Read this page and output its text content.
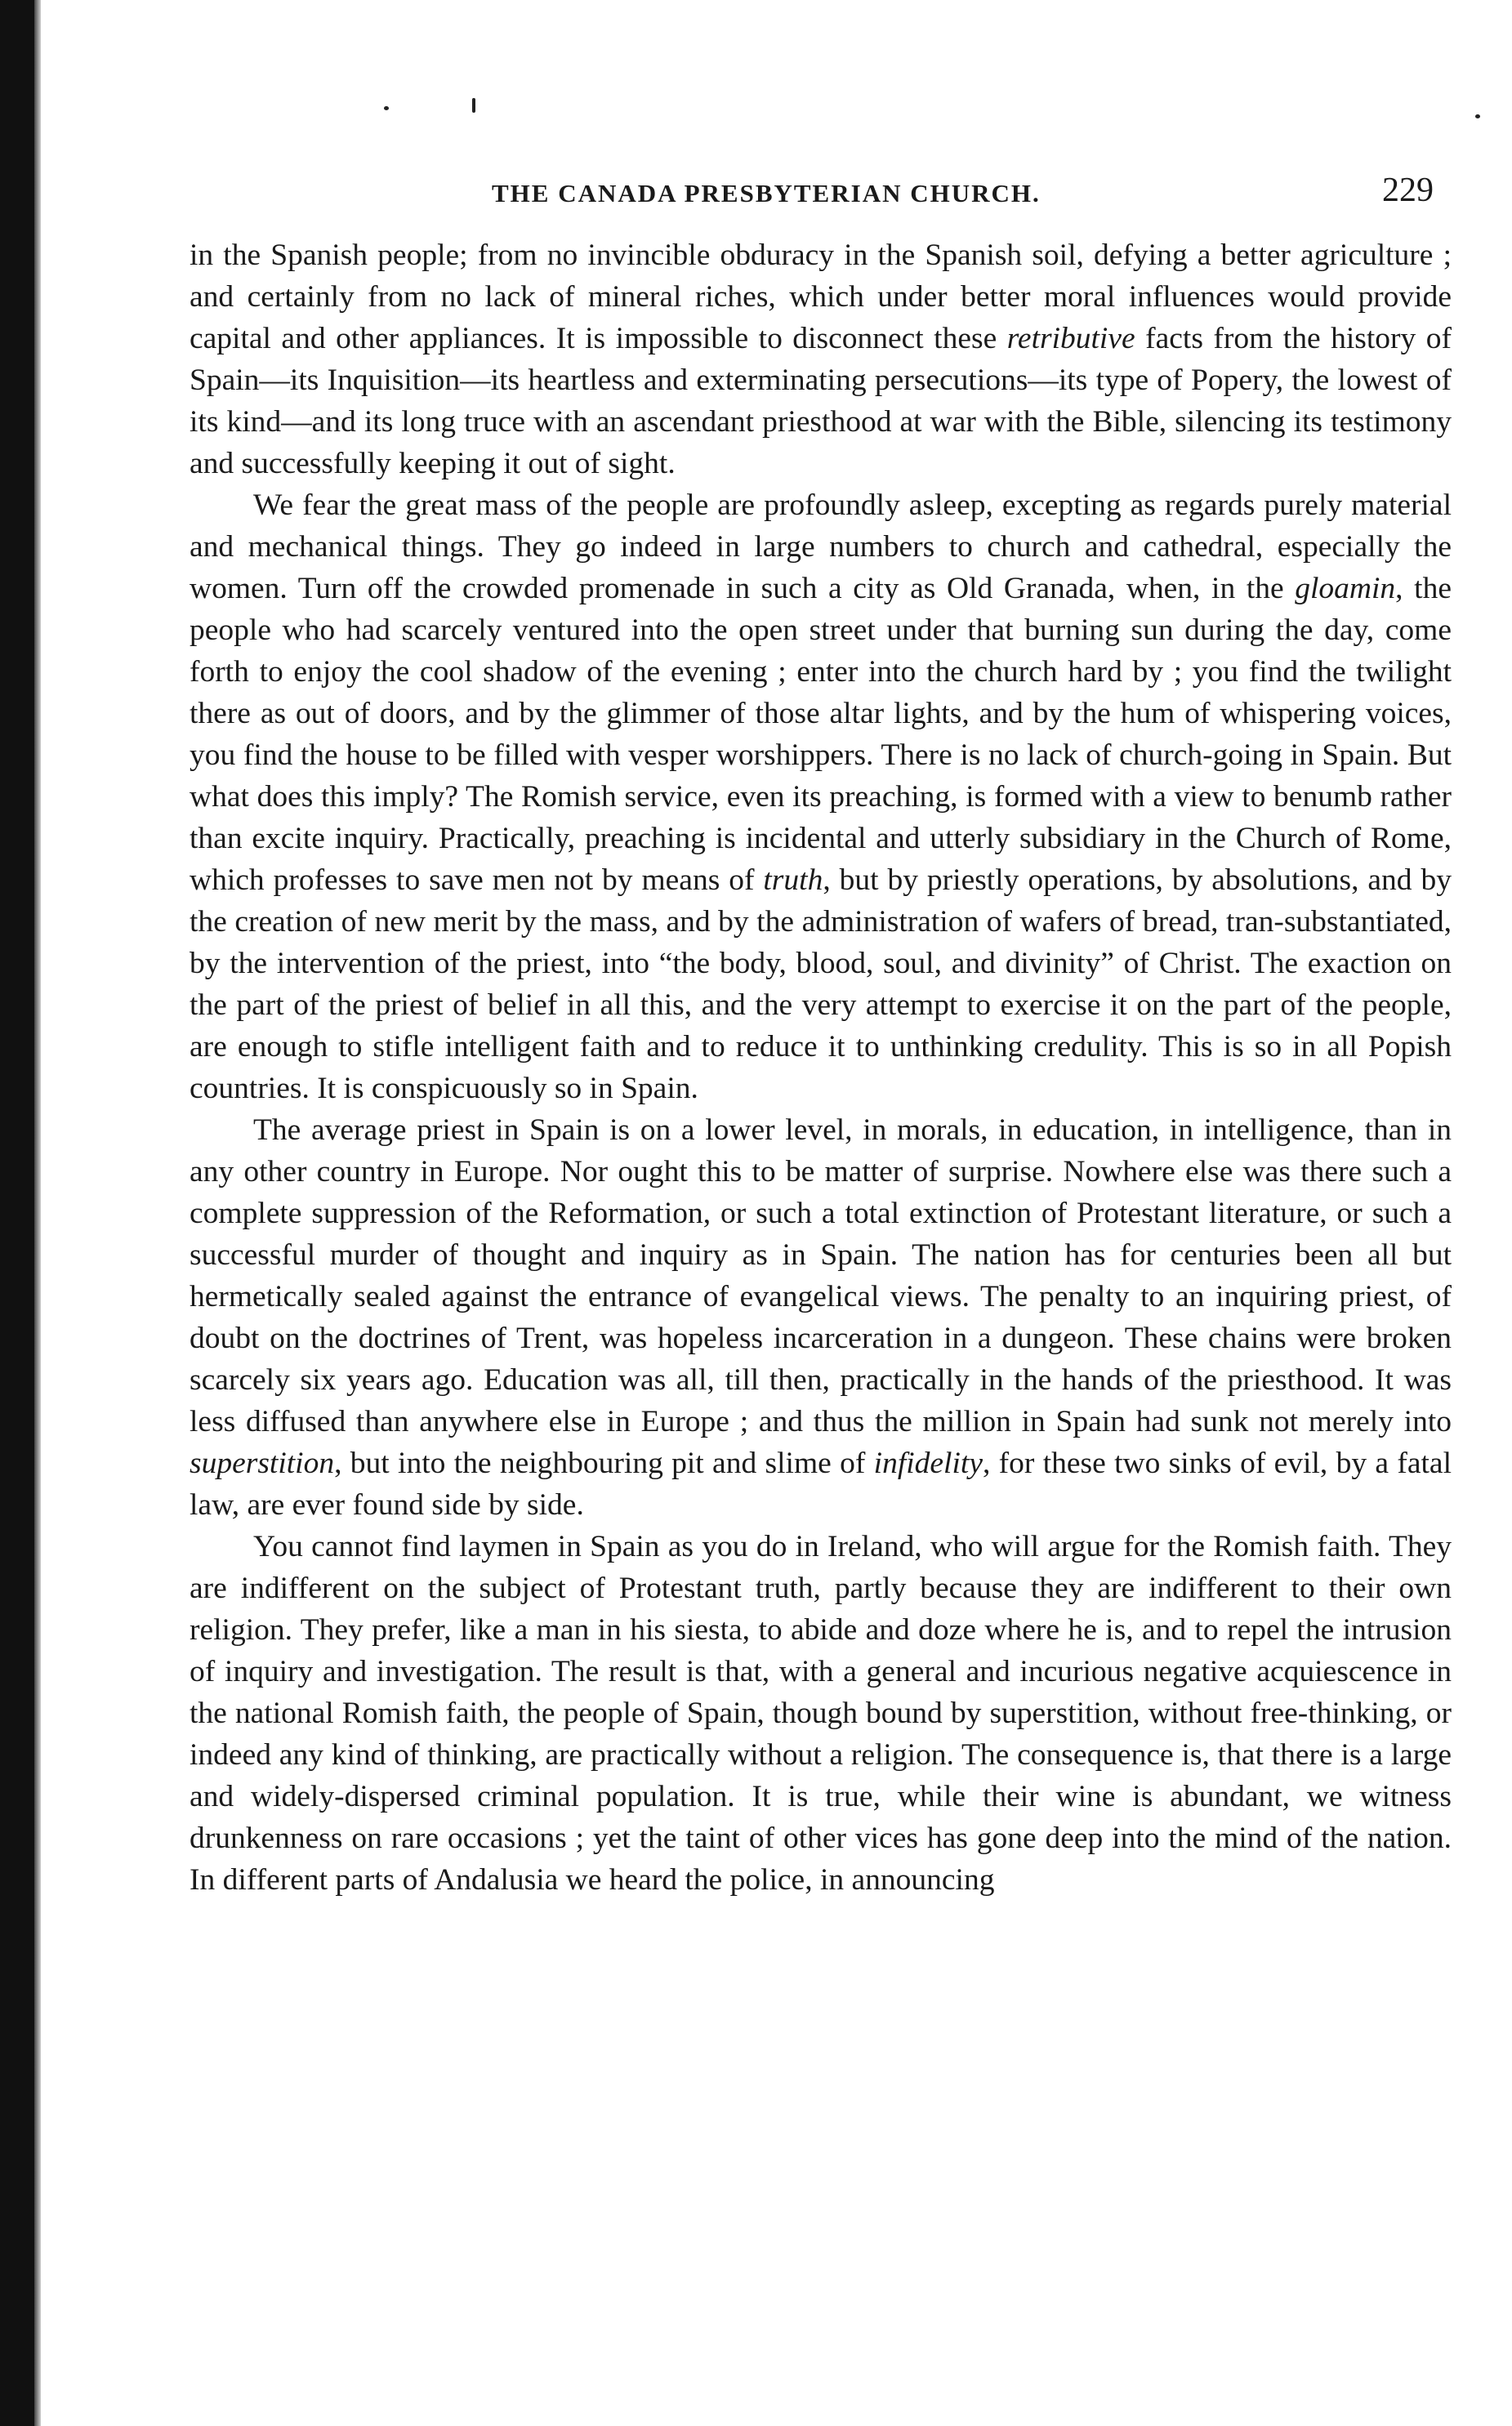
THE CANADA PRESBYTERIAN CHURCH.	229

in the Spanish people; from no invincible obduracy in the Spanish soil, defying a better agriculture ; and certainly from no lack of mineral riches, which under better moral influences would provide capital and other appliances. It is impossible to disconnect these retributive facts from the history of Spain—its Inquisition—its heartless and exterminating persecutions—its type of Popery, the lowest of its kind—and its long truce with an ascendant priesthood at war with the Bible, silencing its testimony and successfully keeping it out of sight.

We fear the great mass of the people are profoundly asleep, excepting as regards purely material and mechanical things. They go indeed in large numbers to church and cathedral, especially the women. Turn off the crowded promenade in such a city as Old Granada, when, in the gloamin, the people who had scarcely ventured into the open street under that burning sun during the day, come forth to enjoy the cool shadow of the evening ; enter into the church hard by ; you find the twilight there as out of doors, and by the glimmer of those altar lights, and by the hum of whispering voices, you find the house to be filled with vesper worshippers. There is no lack of church-going in Spain. But what does this imply? The Romish service, even its preaching, is formed with a view to benumb rather than excite inquiry. Practically, preaching is incidental and utterly subsidiary in the Church of Rome, which professes to save men not by means of truth, but by priestly operations, by absolutions, and by the creation of new merit by the mass, and by the administration of wafers of bread, tran-substantiated, by the intervention of the priest, into “the body, blood, soul, and divinity” of Christ. The exaction on the part of the priest of belief in all this, and the very attempt to exercise it on the part of the people, are enough to stifle intelligent faith and to reduce it to unthinking credulity. This is so in all Popish countries. It is conspicuously so in Spain.

The average priest in Spain is on a lower level, in morals, in education, in intelligence, than in any other country in Europe. Nor ought this to be matter of surprise. Nowhere else was there such a complete suppression of the Reformation, or such a total extinction of Protestant literature, or such a successful murder of thought and inquiry as in Spain. The nation has for centuries been all but hermetically sealed against the entrance of evangelical views. The penalty to an inquiring priest, of doubt on the doctrines of Trent, was hopeless incarceration in a dungeon. These chains were broken scarcely six years ago. Education was all, till then, practically in the hands of the priesthood. It was less diffused than anywhere else in Europe ; and thus the million in Spain had sunk not merely into superstition, but into the neighbouring pit and slime of infidelity, for these two sinks of evil, by a fatal law, are ever found side by side.

You cannot find laymen in Spain as you do in Ireland, who will argue for the Romish faith. They are indifferent on the subject of Protestant truth, partly because they are indifferent to their own religion. They prefer, like a man in his siesta, to abide and doze where he is, and to repel the intrusion of inquiry and investigation. The result is that, with a general and incurious negative acquiescence in the national Romish faith, the people of Spain, though bound by superstition, without free-thinking, or indeed any kind of thinking, are practically without a religion. The consequence is, that there is a large and widely-dispersed criminal population. It is true, while their wine is abundant, we witness drunkenness on rare occasions ; yet the taint of other vices has gone deep into the mind of the nation. In different parts of Andalusia we heard the police, in announcing
